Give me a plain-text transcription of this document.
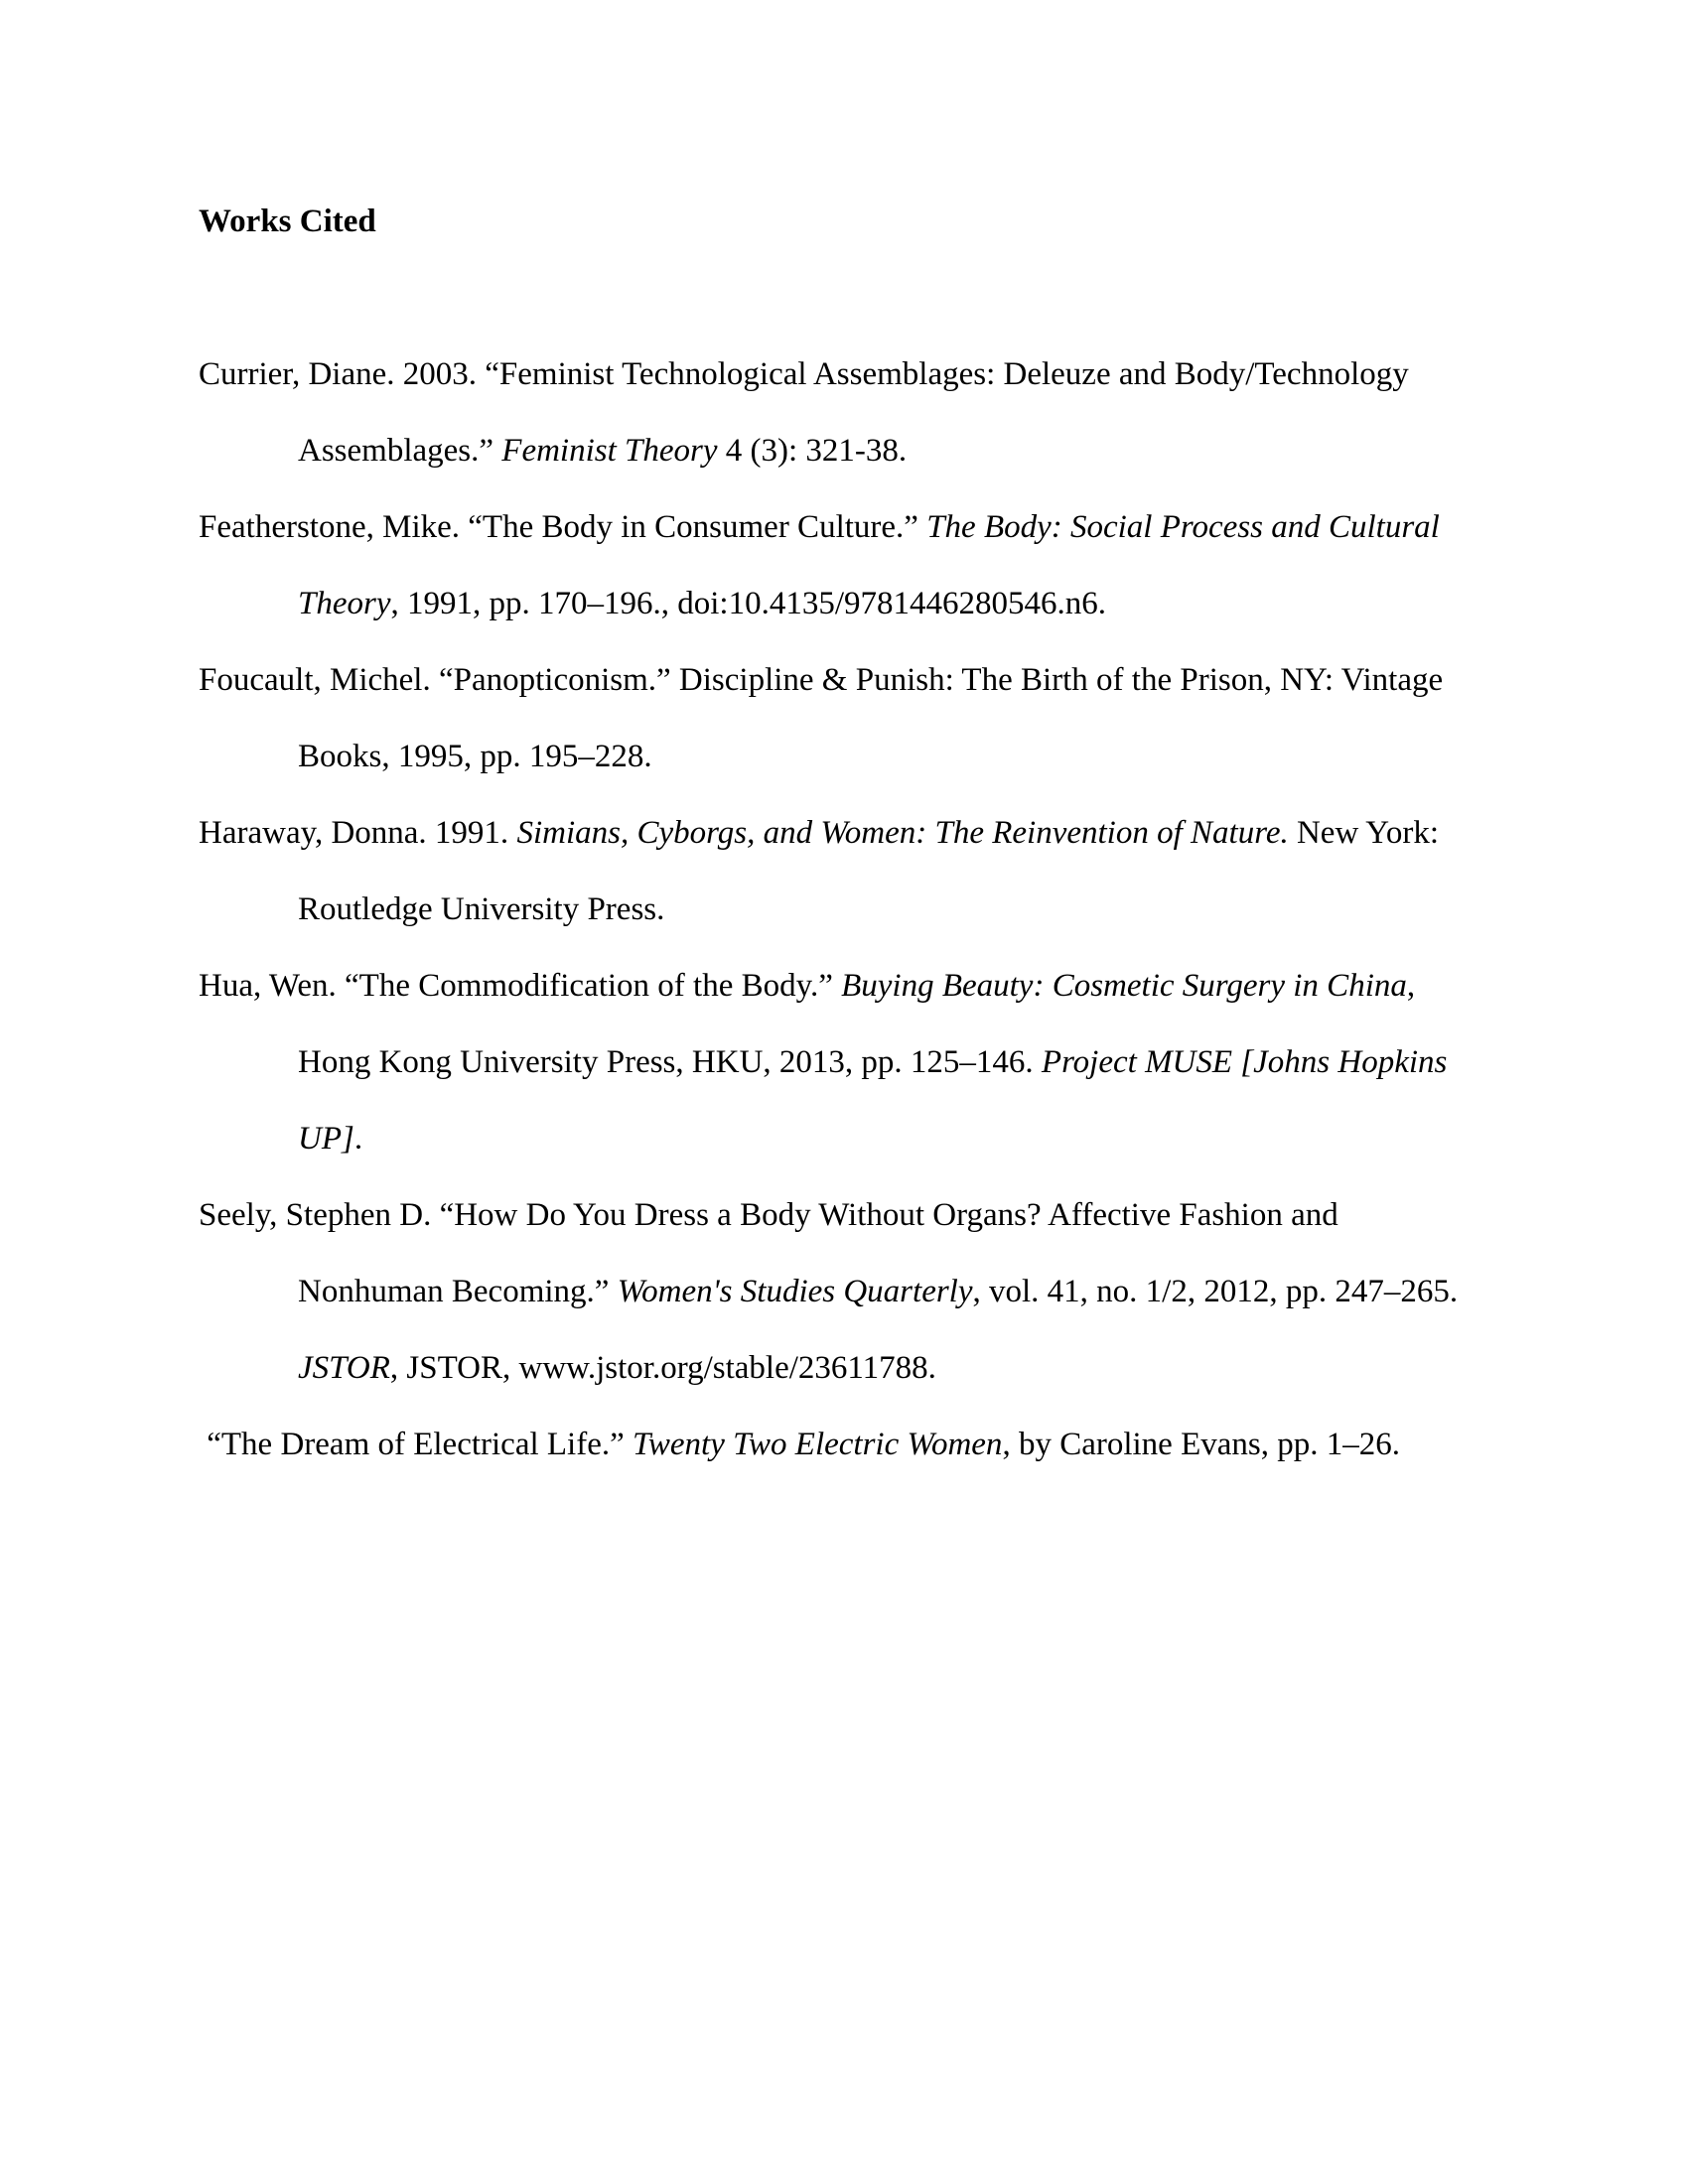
Works Cited

Currier, Diane. 2003. “Feminist Technological Assemblages: Deleuze and Body/Technology Assemblages.” Feminist Theory 4 (3): 321-38.

Featherstone, Mike. “The Body in Consumer Culture.” The Body: Social Process and Cultural Theory, 1991, pp. 170–196., doi:10.4135/9781446280546.n6.

Foucault, Michel. “Panopticonism.” Discipline & Punish: The Birth of the Prison, NY: Vintage Books, 1995, pp. 195–228.

Haraway, Donna. 1991. Simians, Cyborgs, and Women: The Reinvention of Nature. New York: Routledge University Press.

Hua, Wen. “The Commodification of the Body.” Buying Beauty: Cosmetic Surgery in China, Hong Kong University Press, HKU, 2013, pp. 125–146. Project MUSE [Johns Hopkins UP].

Seely, Stephen D. “How Do You Dress a Body Without Organs? Affective Fashion and Nonhuman Becoming.” Women's Studies Quarterly, vol. 41, no. 1/2, 2012, pp. 247–265. JSTOR, JSTOR, www.jstor.org/stable/23611788.

“The Dream of Electrical Life.” Twenty Two Electric Women, by Caroline Evans, pp. 1–26.
